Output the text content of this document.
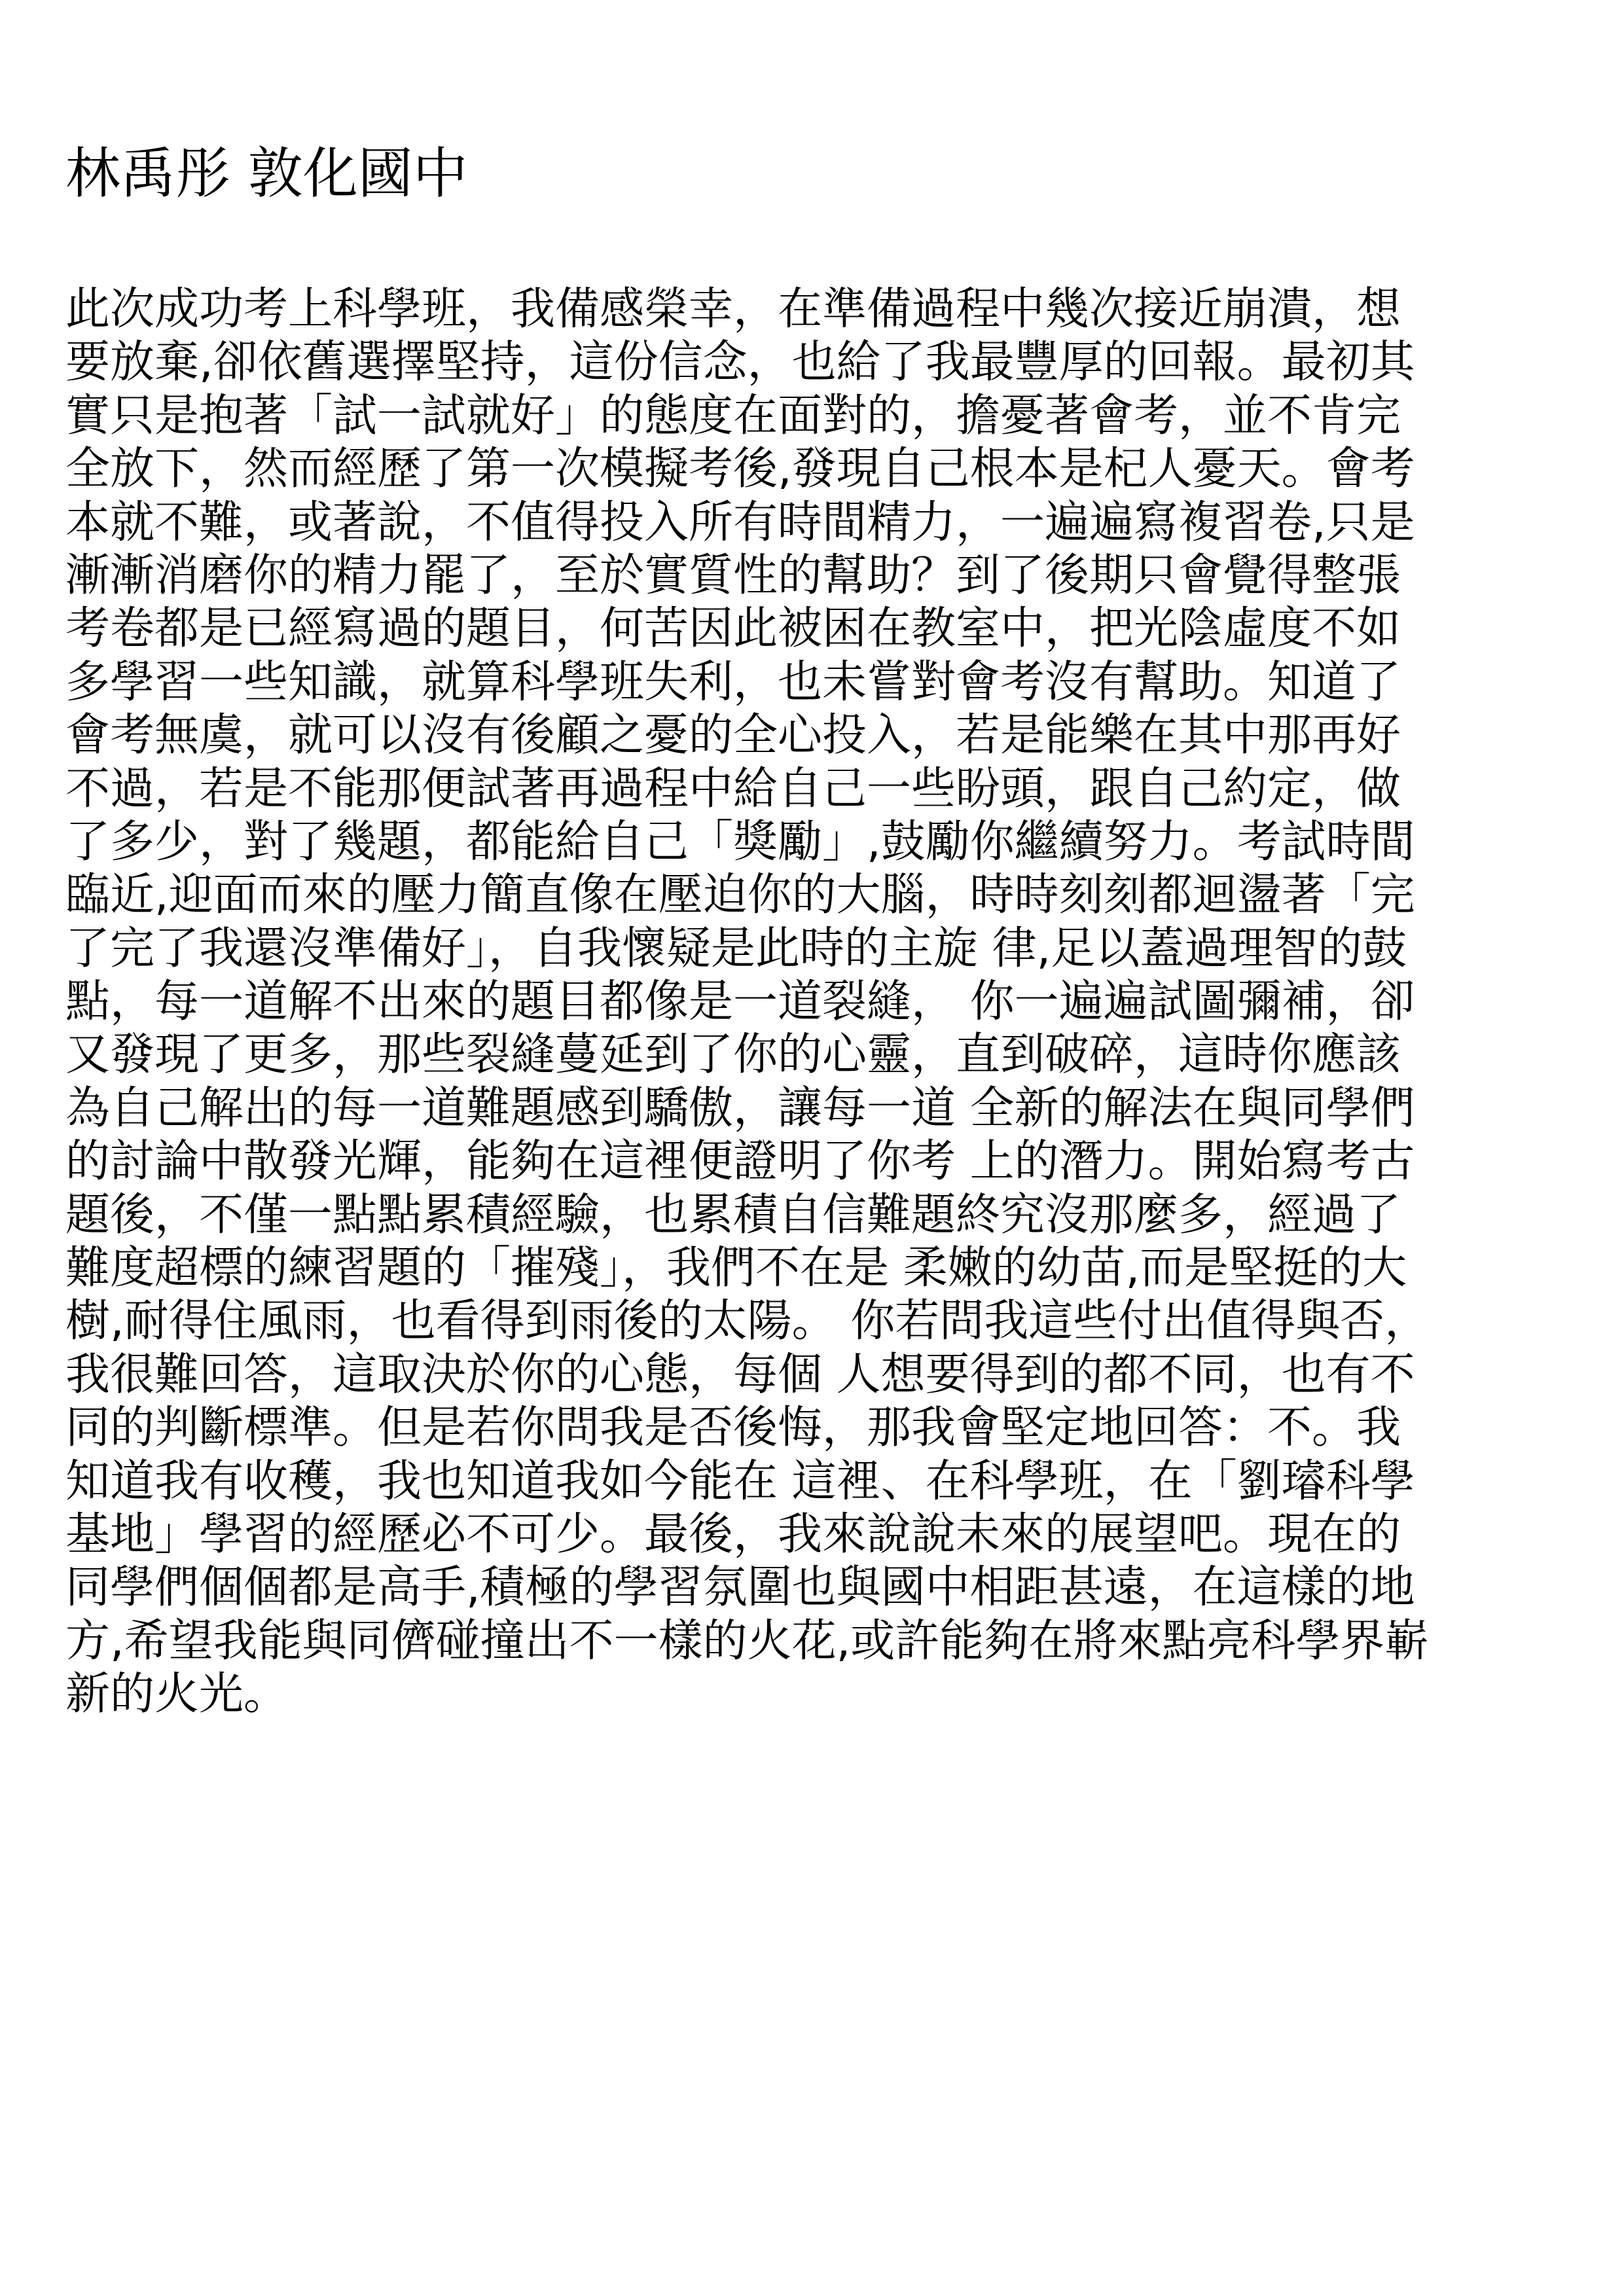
林禹彤 敦化國中
此次成功考上科學班，我備感榮幸，在準備過程中幾次接近崩潰，想
要放棄,卻依舊選擇堅持，這份信念，也給了我最豐厚的回報。最初其
實只是抱著「試一試就好」的態度在面對的，擔憂著會考，並不肯完
全放下，然而經歷了第一次模擬考後,發現自己根本是杞人憂天。會考
本就不難，或著說，不值得投入所有時間精力，一遍遍寫複習卷,只是
漸漸消磨你的精力罷了，至於實質性的幫助？到了後期只會覺得整張
考卷都是已經寫過的題目，何苦因此被困在教室中，把光陰虛度不如
多學習一些知識，就算科學班失利，也未嘗對會考沒有幫助。知道了
會考無虞，就可以沒有後顧之憂的全心投入，若是能樂在其中那再好
不過，若是不能那便試著再過程中給自己一些盼頭，跟自己約定，做
了多少，對了幾題，都能給自己「獎勵」,鼓勵你繼續努力。考試時間
臨近,迎面而來的壓力簡直像在壓迫你的大腦，時時刻刻都迴盪著「完
了完了我還沒準備好」，自我懷疑是此時的主旋 律,足以蓋過理智的鼓
點，每一道解不出來的題目都像是一道裂縫， 你一遍遍試圖彌補，卻
又發現了更多，那些裂縫蔓延到了你的心靈，直到破碎，這時你應該
為自己解出的每一道難題感到驕傲，讓每一道 全新的解法在與同學們
的討論中散發光輝，能夠在這裡便證明了你考 上的潛力。開始寫考古
題後，不僅一點點累積經驗，也累積自信難題終究沒那麼多，經過了
難度超標的練習題的「摧殘」，我們不在是 柔嫩的幼苗,而是堅挺的大
樹,耐得住風雨，也看得到雨後的太陽。 你若問我這些付出值得與否，
我很難回答，這取決於你的心態，每個 人想要得到的都不同，也有不
同的判斷標準。但是若你問我是否後悔，那我會堅定地回答：不。我
知道我有收穫，我也知道我如今能在 這裡、在科學班，在「劉璿科學
基地」學習的經歷必不可少。最後，我來說說未來的展望吧。現在的
同學們個個都是高手,積極的學習氛圍也與國中相距甚遠，在這樣的地
方,希望我能與同儕碰撞出不一樣的火花,或許能夠在將來點亮科學界嶄
新的火光。
